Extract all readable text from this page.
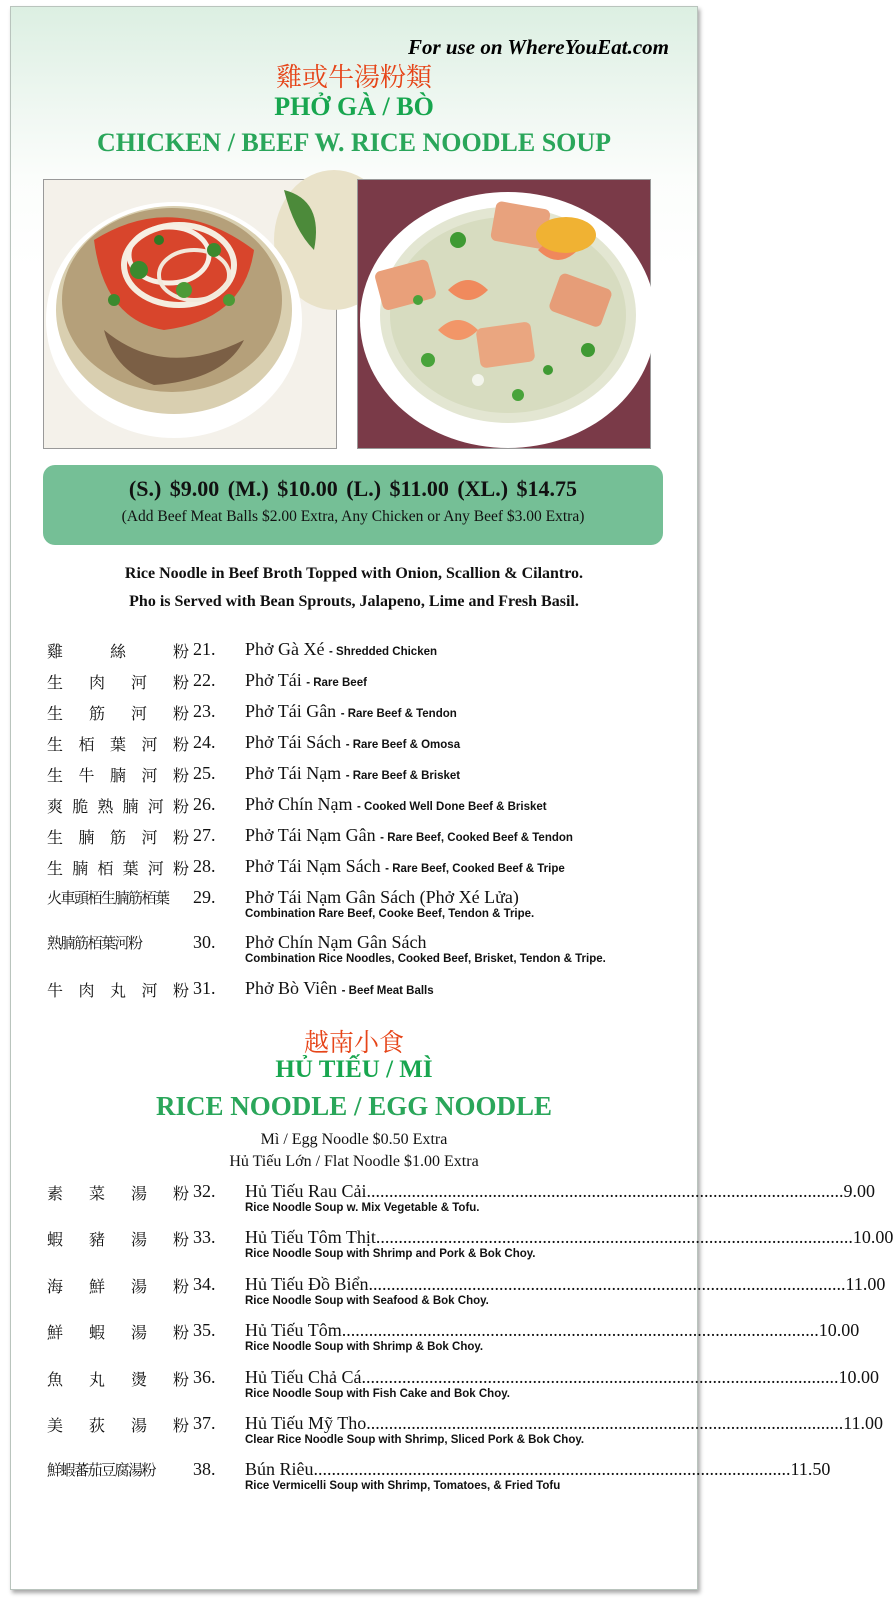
For use on WhereYouEat.com
雞或牛湯粉類
PHỞ GÀ / BÒ
CHICKEN / BEEF W. RICE NOODLE SOUP
(S.) $9.00 (M.) $10.00 (L.) $11.00 (XL.) $14.75
(Add Beef Meat Balls $2.00 Extra, Any Chicken or Any Beef $3.00 Extra)
Rice Noodle in Beef Broth Topped with Onion, Scallion & Cilantro.
Pho is Served with Bean Sprouts, Jalapeno, Lime and Fresh Basil.
雞	絲	粉 21. Phở Gà Xé - Shredded Chicken
生 肉 河 粉 22. Phở Tái - Rare Beef
生 筋 河 粉 23. Phở Tái Gân - Rare Beef & Tendon
生 栢 葉 河 粉 24. Phở Tái Sách - Rare Beef & Omosa
生 牛 腩 河 粉 25. Phở Tái Nạm - Rare Beef & Brisket
爽 脆 熟 腩 河 粉 26. Phở Chín Nạm - Cooked Well Done Beef & Brisket
生 腩 筋 河 粉 27. Phở Tái Nạm Gân - Rare Beef, Cooked Beef & Tendon
生 腩 栢 葉 河 粉 28. Phở Tái Nạm Sách - Rare Beef, Cooked Beef & Tripe
火車頭栢生腩筋栢葉	29. Phở Tái Nạm Gân Sách (Phở Xé Lửa)
Combination Rare Beef, Cooke Beef, Tendon & Tripe.
熟腩筋栢葉河粉	30. Phở Chín Nạm Gân Sách
Combination Rice Noodles, Cooked Beef, Brisket, Tendon & Tripe.
牛 肉 丸 河 粉 31. Phở Bò Viên - Beef Meat Balls
越南小食
HỦ TIẾU / MÌ
RICE NOODLE / EGG NOODLE
Mì / Egg Noodle $0.50 Extra
Hủ Tiếu Lớn / Flat Noodle $1.00 Extra
素 菜 湯 粉 32. Hủ Tiếu Rau Cải .......................................................................................................... 9.00
Rice Noodle Soup w. Mix Vegetable & Tofu.
蝦 豬 湯 粉 33. Hủ Tiếu Tôm Thịt .......................................................................................................... 10.00
Rice Noodle Soup with Shrimp and Pork & Bok Choy.
海 鮮 湯 粉 34. Hủ Tiếu Đồ Biển .......................................................................................................... 11.00
Rice Noodle Soup with Seafood & Bok Choy.
鮮 蝦 湯 粉 35. Hủ Tiếu Tôm .......................................................................................................... 10.00
Rice Noodle Soup with Shrimp & Bok Choy.
魚 丸 燙 粉 36. Hủ Tiếu Chả Cá .......................................................................................................... 10.00
Rice Noodle Soup with Fish Cake and Bok Choy.
美 荻 湯 粉 37. Hủ Tiếu Mỹ Tho .......................................................................................................... 11.00
Clear Rice Noodle Soup with Shrimp, Sliced Pork & Bok Choy.
鮮蝦蕃茄豆腐湯粉	38. Bún Riêu .......................................................................................................... 11.50
Rice Vermicelli Soup with Shrimp, Tomatoes, & Fried Tofu
